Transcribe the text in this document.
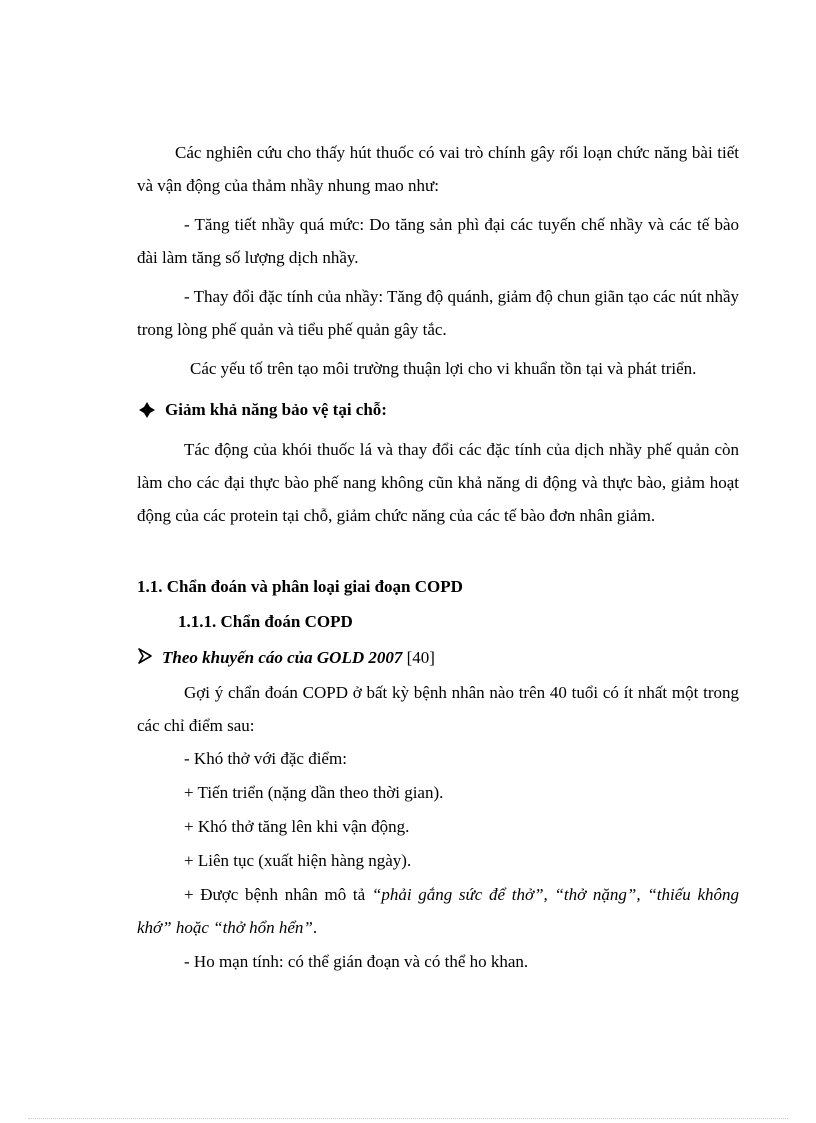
Các nghiên cứu cho thấy hút thuốc có vai trò chính gây rối loạn chức năng bài tiết và vận động của thảm nhầy nhung mao như:

- Tăng tiết nhầy quá mức: Do tăng sản phì đại các tuyến chế nhầy và các tế bào đài làm tăng số lượng dịch nhầy.

- Thay đổi đặc tính của nhầy: Tăng độ quánh, giảm độ chun giãn tạo các nút nhầy trong lòng phế quản và tiểu phế quản gây tắc.

Các yếu tố trên tạo môi trường thuận lợi cho vi khuẩn tồn tại và phát triển.

Giảm khả năng bảo vệ tại chỗ:

Tác động của khói thuốc lá và thay đổi các đặc tính của dịch nhầy phế quản còn làm cho các đại thực bào phế nang không cũn khả năng di động và thực bào, giảm hoạt động của các protein tại chỗ, giảm chức năng của các tế bào đơn nhân giảm.

1.1. Chẩn đoán và phân loại giai đoạn COPD

1.1.1. Chẩn đoán COPD

Theo khuyến cáo của GOLD 2007 [40]

Gợi ý chẩn đoán COPD ở bất kỳ bệnh nhân nào trên 40 tuổi có ít nhất một trong các chỉ điểm sau:

- Khó thở với đặc điểm:

+ Tiến triển (nặng dần theo thời gian).

+ Khó thở tăng lên khi vận động.

+ Liên tục (xuất hiện hàng ngày).

+ Được bệnh nhân mô tả “phải gắng sức để thở”, “thở nặng”, “thiếu không khớ” hoặc “thở hổn hển”.

- Ho mạn tính: có thể gián đoạn và có thể ho khan.
